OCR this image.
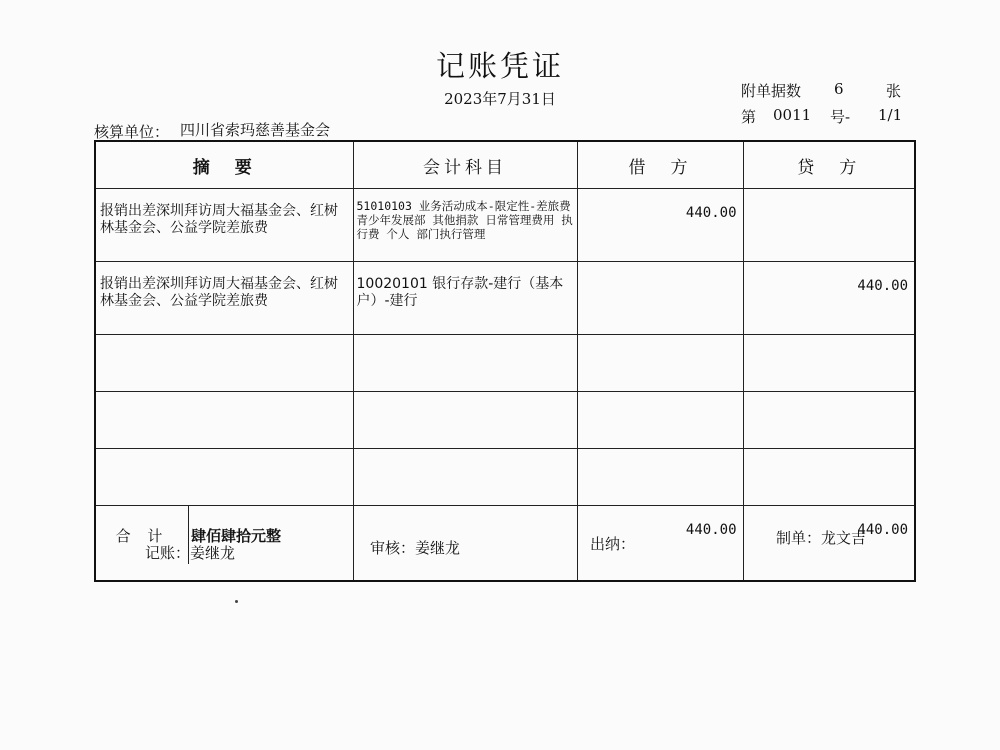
记账凭证
2023年7月31日	附单据数 6	张
第 0011 号- 1/1
核算单位： 四川省索玛慈善基金会
摘　要	会计科目	借　方	贷　方
报销出差深圳拜访周大福基金会、红树林基金会、公益学院差旅费	51010103 业务活动成本-限定性-差旅费 青少年发展部 其他捐款 日常管理费用 执行费 个人 部门执行管理	440.00	
报销出差深圳拜访周大福基金会、红树林基金会、公益学院差旅费	10020101 银行存款-建行（基本户）-建行		440.00

合 计 肆佰肆拾元整		440.00	440.00
记账：姜继龙	审核：姜继龙	出纳：	制单：龙文吉
